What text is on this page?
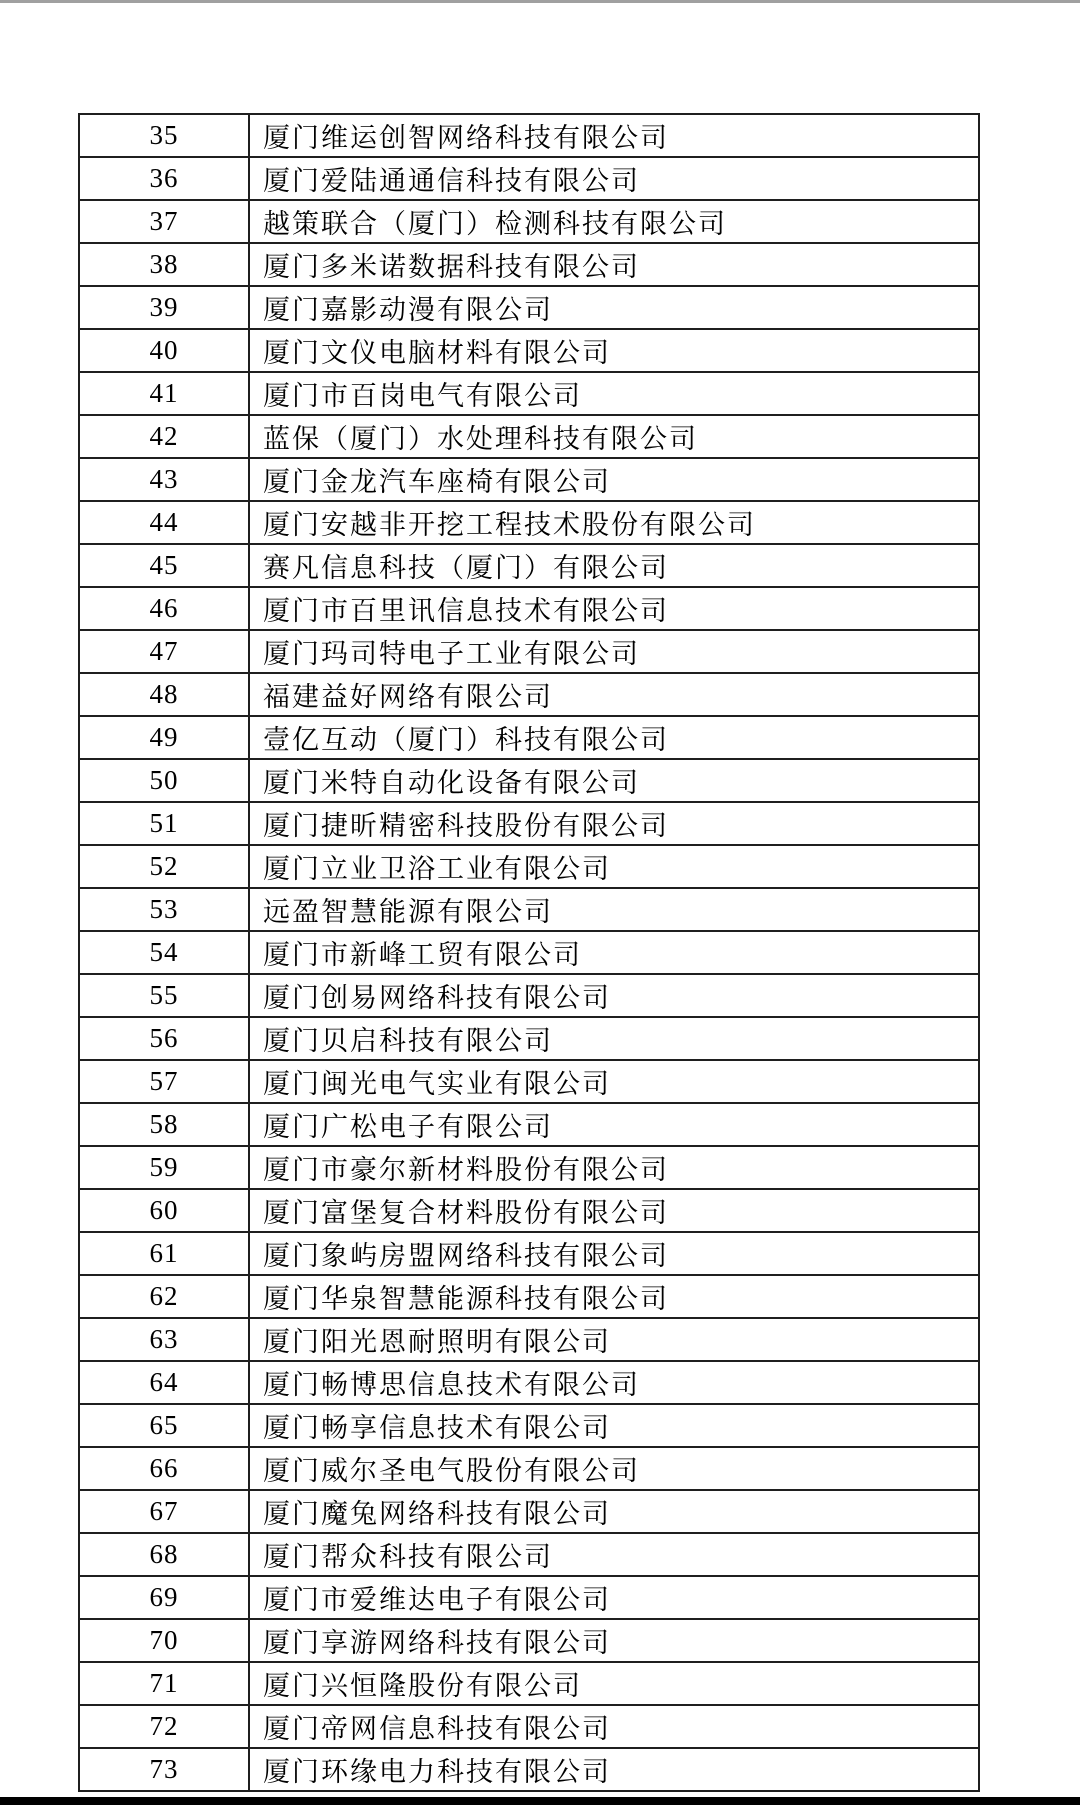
35	厦门维运创智网络科技有限公司
36	厦门爱陆通通信科技有限公司
37	越策联合（厦门）检测科技有限公司
38	厦门多米诺数据科技有限公司
39	厦门嘉影动漫有限公司
40	厦门文仪电脑材料有限公司
41	厦门市百岗电气有限公司
42	蓝保（厦门）水处理科技有限公司
43	厦门金龙汽车座椅有限公司
44	厦门安越非开挖工程技术股份有限公司
45	赛凡信息科技（厦门）有限公司
46	厦门市百里讯信息技术有限公司
47	厦门玛司特电子工业有限公司
48	福建益好网络有限公司
49	壹亿互动（厦门）科技有限公司
50	厦门米特自动化设备有限公司
51	厦门捷昕精密科技股份有限公司
52	厦门立业卫浴工业有限公司
53	远盈智慧能源有限公司
54	厦门市新峰工贸有限公司
55	厦门创易网络科技有限公司
56	厦门贝启科技有限公司
57	厦门闽光电气实业有限公司
58	厦门广松电子有限公司
59	厦门市豪尔新材料股份有限公司
60	厦门富堡复合材料股份有限公司
61	厦门象屿房盟网络科技有限公司
62	厦门华泉智慧能源科技有限公司
63	厦门阳光恩耐照明有限公司
64	厦门畅博思信息技术有限公司
65	厦门畅享信息技术有限公司
66	厦门威尔圣电气股份有限公司
67	厦门魔兔网络科技有限公司
68	厦门帮众科技有限公司
69	厦门市爱维达电子有限公司
70	厦门享游网络科技有限公司
71	厦门兴恒隆股份有限公司
72	厦门帝网信息科技有限公司
73	厦门环缘电力科技有限公司
